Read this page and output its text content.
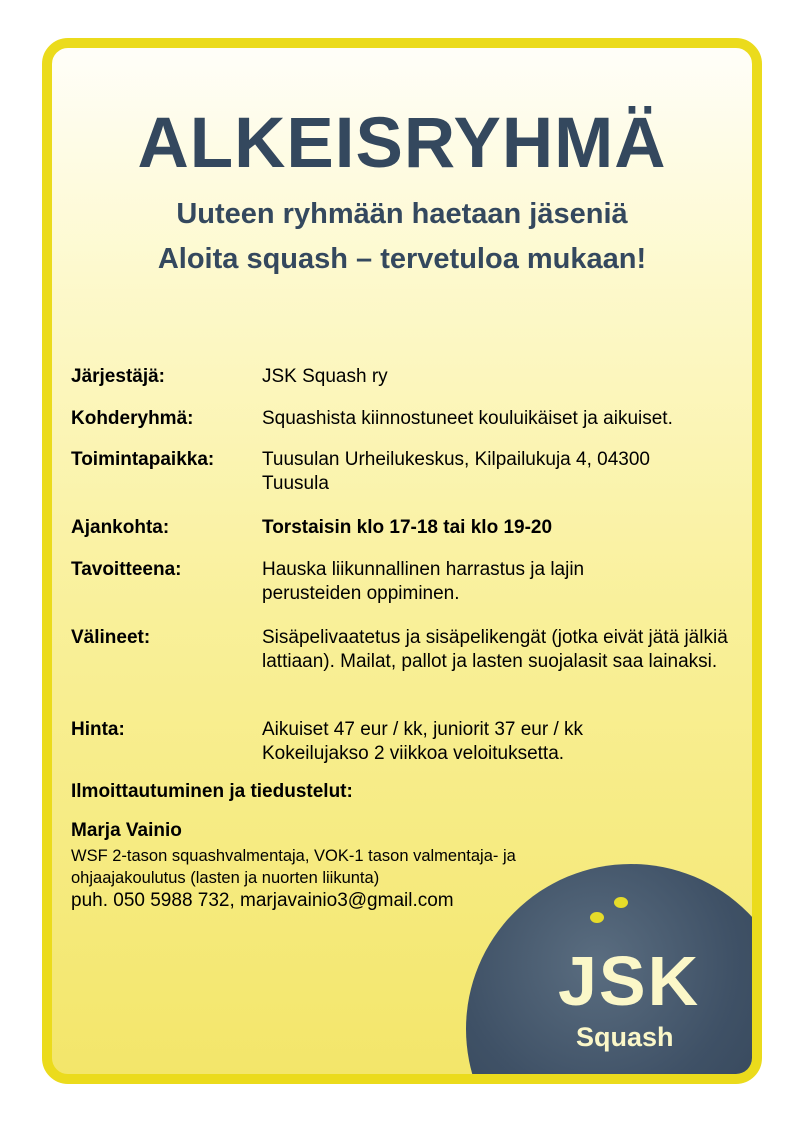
ALKEISRYHMÄ
Uuteen ryhmään haetaan jäseniä
Aloita squash – tervetuloa mukaan!
Järjestäjä:	JSK Squash ry
Kohderyhmä:	Squashista kiinnostuneet kouluikäiset ja aikuiset.
Toimintapaikka:	Tuusulan Urheilukeskus, Kilpailukuja 4, 04300 Tuusula
Ajankohta:	Torstaisin klo 17-18 tai klo 19-20
Tavoitteena:	Hauska liikunnallinen harrastus ja lajin perusteiden oppiminen.
Välineet:	Sisäpelivaatetus ja sisäpelikengät (jotka eivät jätä jälkiä lattiaan). Mailat, pallot ja lasten suojalasit saa lainaksi.
Hinta:	Aikuiset 47 eur / kk, juniorit 37 eur / kk Kokeilujakso 2 viikkoa veloituksetta.
Ilmoittautuminen ja tiedustelut:
Marja Vainio
WSF 2-tason squashvalmentaja, VOK-1 tason valmentaja- ja ohjaajakoulutus (lasten ja nuorten liikunta)
puh. 050 5988 732, marjavainio3@gmail.com
JSK
Squash
